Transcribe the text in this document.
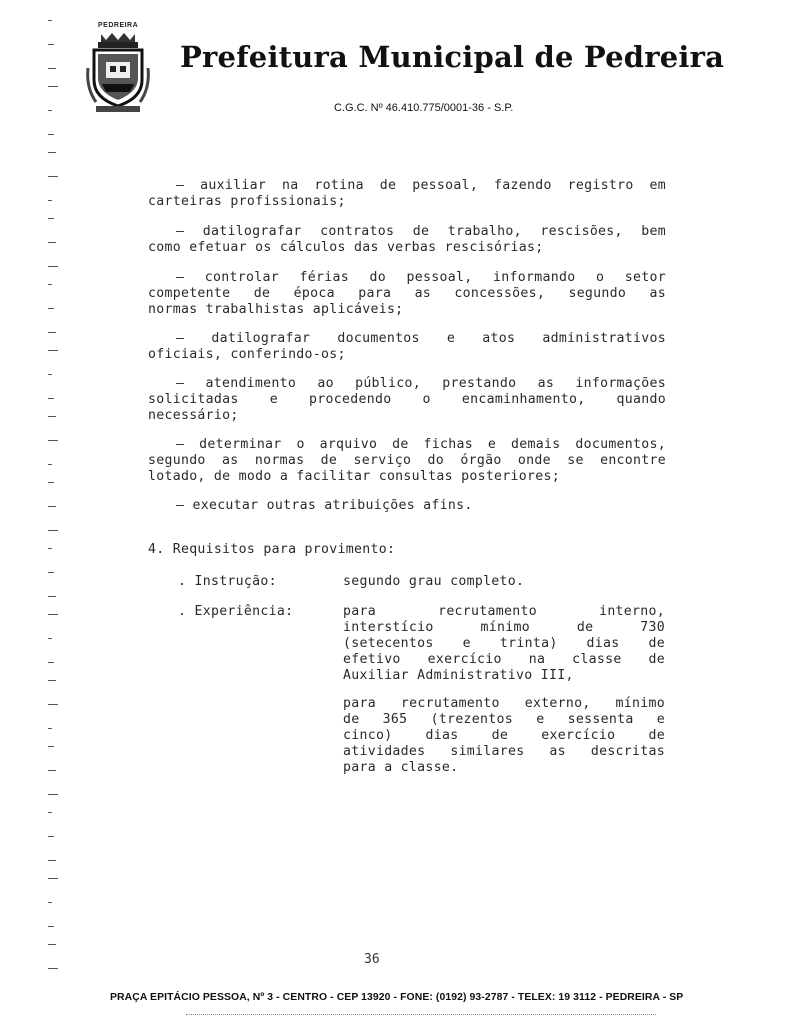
PEDREIRA
Prefeitura Municipal de Pedreira
C.G.C. Nº 46.410.775/0001-36 - S.P.
– auxiliar na rotina de pessoal, fazendo registro em
carteiras profissionais;
– datilografar contratos de trabalho, rescisões, bem
como efetuar os cálculos das verbas rescisórias;
– controlar férias do pessoal, informando o setor
competente de época para as concessões, segundo as
normas trabalhistas aplicáveis;
– datilografar documentos e atos administrativos
oficiais, conferindo-os;
– atendimento ao público, prestando as informações
solicitadas e procedendo o encaminhamento, quando
necessário;
– determinar o arquivo de fichas e demais documentos,
segundo as normas de serviço do órgão onde se encontre
lotado, de modo a facilitar consultas posteriores;
– executar outras atribuições afins.
4. Requisitos para provimento:
. Instrução:	segundo grau completo.
. Experiência:	para recrutamento interno,
interstício mínimo de 730
(setecentos e trinta) dias de
efetivo exercício na classe de
Auxiliar Administrativo III,
para recrutamento externo, mínimo
de 365 (trezentos e sessenta e
cinco) dias de exercício de
atividades similares as descritas
para a classe.
36
PRAÇA EPITÁCIO PESSOA, Nº 3 - CENTRO - CEP 13920 - FONE: (0192) 93-2787 - TELEX: 19 3112 - PEDREIRA - SP
